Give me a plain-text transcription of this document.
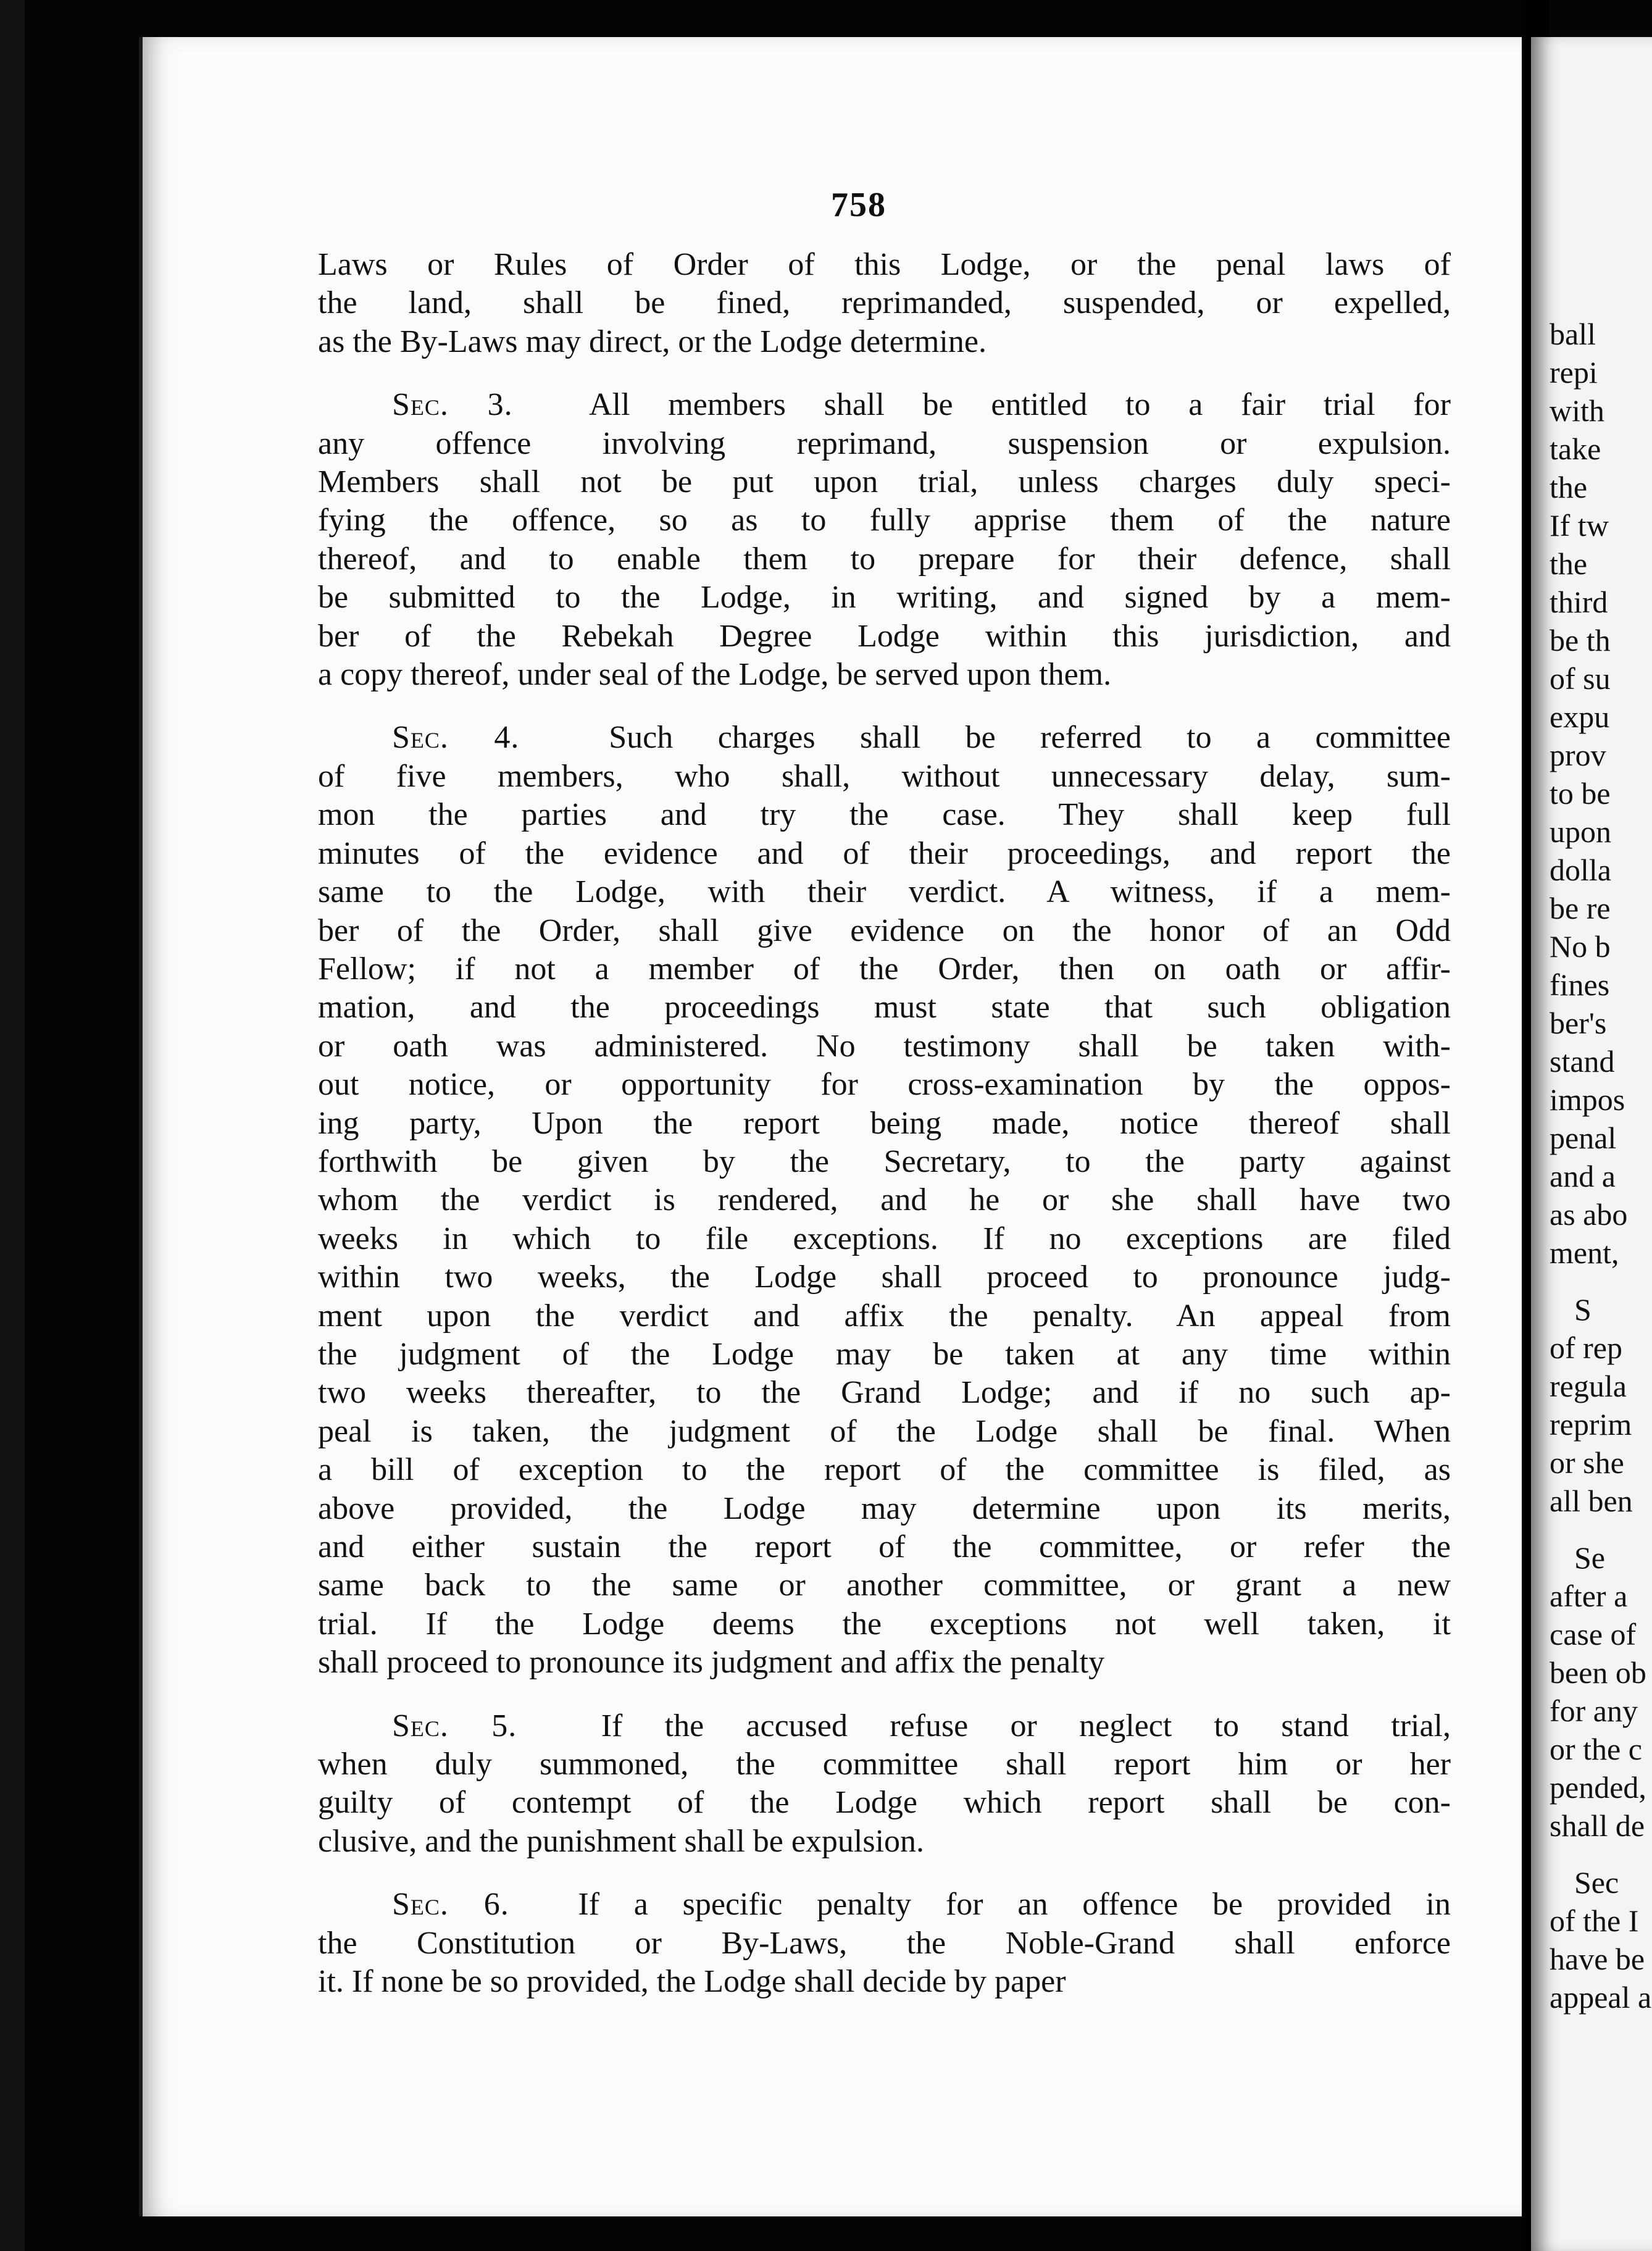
758
Laws or Rules of Order of this Lodge, or the penal laws of
the land, shall be fined, reprimanded, suspended, or expelled,
as the By-Laws may direct, or the Lodge determine.
Sec. 3.  All members shall be entitled to a fair trial for
any offence involving reprimand, suspension or expulsion.
Members shall not be put upon trial, unless charges duly speci-
fying the offence, so as to fully apprise them of the nature
thereof, and to enable them to prepare for their defence, shall
be submitted to the Lodge, in writing, and signed by a mem-
ber of the Rebekah Degree Lodge within this jurisdiction, and
a copy thereof, under seal of the Lodge, be served upon them.
Sec. 4.  Such charges shall be referred to a committee
of five members, who shall, without unnecessary delay, sum-
mon the parties and try the case. They shall keep full
minutes of the evidence and of their proceedings, and report the
same to the Lodge, with their verdict. A witness, if a mem-
ber of the Order, shall give evidence on the honor of an Odd
Fellow; if not a member of the Order, then on oath or affir-
mation, and the proceedings must state that such obligation
or oath was administered. No testimony shall be taken with-
out notice, or opportunity for cross-examination by the oppos-
ing party, Upon the report being made, notice thereof shall
forthwith be given by the Secretary, to the party against
whom the verdict is rendered, and he or she shall have two
weeks in which to file exceptions. If no exceptions are filed
within two weeks, the Lodge shall proceed to pronounce judg-
ment upon the verdict and affix the penalty. An appeal from
the judgment of the Lodge may be taken at any time within
two weeks thereafter, to the Grand Lodge; and if no such ap-
peal is taken, the judgment of the Lodge shall be final. When
a bill of exception to the report of the committee is filed, as
above provided, the Lodge may determine upon its merits,
and either sustain the report of the committee, or refer the
same back to the same or another committee, or grant a new
trial. If the Lodge deems the exceptions not well taken, it
shall proceed to pronounce its judgment and affix the penalty
Sec. 5.  If the accused refuse or neglect to stand trial,
when duly summoned, the committee shall report him or her
guilty of contempt of the Lodge which report shall be con-
clusive, and the punishment shall be expulsion.
Sec. 6.  If a specific penalty for an offence be provided in
the Constitution or By-Laws, the Noble-Grand shall enforce
it. If none be so provided, the Lodge shall decide by paper
ball
repi
with
take
the
If tw
the
third
be th
of su
expu
prov
to be
upon
dolla
be re
No b
fines
ber's
stand
impos
penal
and a
as abo
ment,
S
of rep
regula
reprim
or she
all ben
Se
after a
case of
been ob
for any
or the c
pended,
shall de
Sec
of the I
have be
appeal a
